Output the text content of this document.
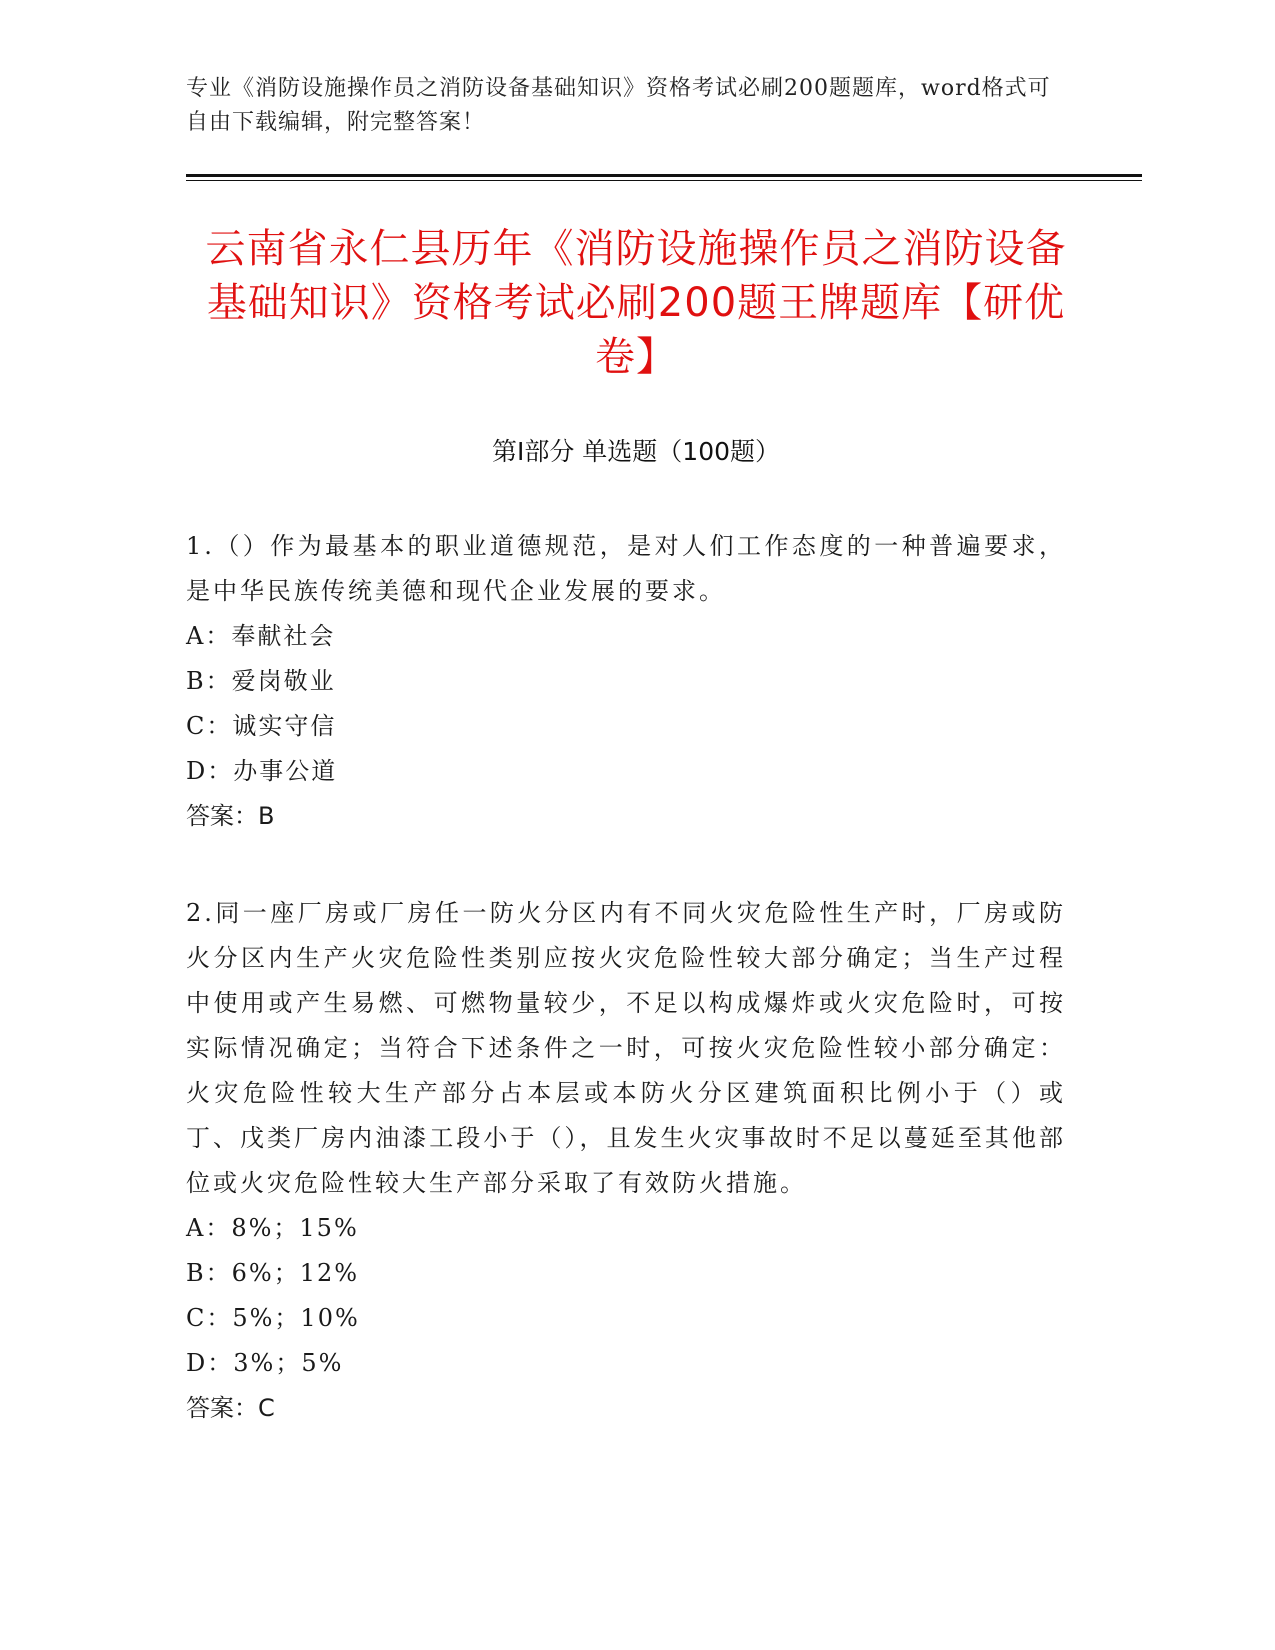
专业《消防设施操作员之消防设备基础知识》资格考试必刷200题题库，word格式可自由下载编辑，附完整答案！
云南省永仁县历年《消防设施操作员之消防设备基础知识》资格考试必刷200题王牌题库【研优卷】
第I部分 单选题（100题）

1.（）作为最基本的职业道德规范，是对人们工作态度的一种普遍要求，是中华民族传统美德和现代企业发展的要求。

A：奉献社会

B：爱岗敬业

C：诚实守信

D：办事公道

答案：B

2.同一座厂房或厂房任一防火分区内有不同火灾危险性生产时，厂房或防火分区内生产火灾危险性类别应按火灾危险性较大部分确定；当生产过程中使用或产生易燃、可燃物量较少，不足以构成爆炸或火灾危险时，可按实际情况确定；当符合下述条件之一时，可按火灾危险性较小部分确定：火灾危险性较大生产部分占本层或本防火分区建筑面积比例小于（）或丁、戊类厂房内油漆工段小于（），且发生火灾事故时不足以蔓延至其他部位或火灾危险性较大生产部分采取了有效防火措施。

A：8%；15%

B：6%；12%

C：5%；10%

D：3%；5%

答案：C
